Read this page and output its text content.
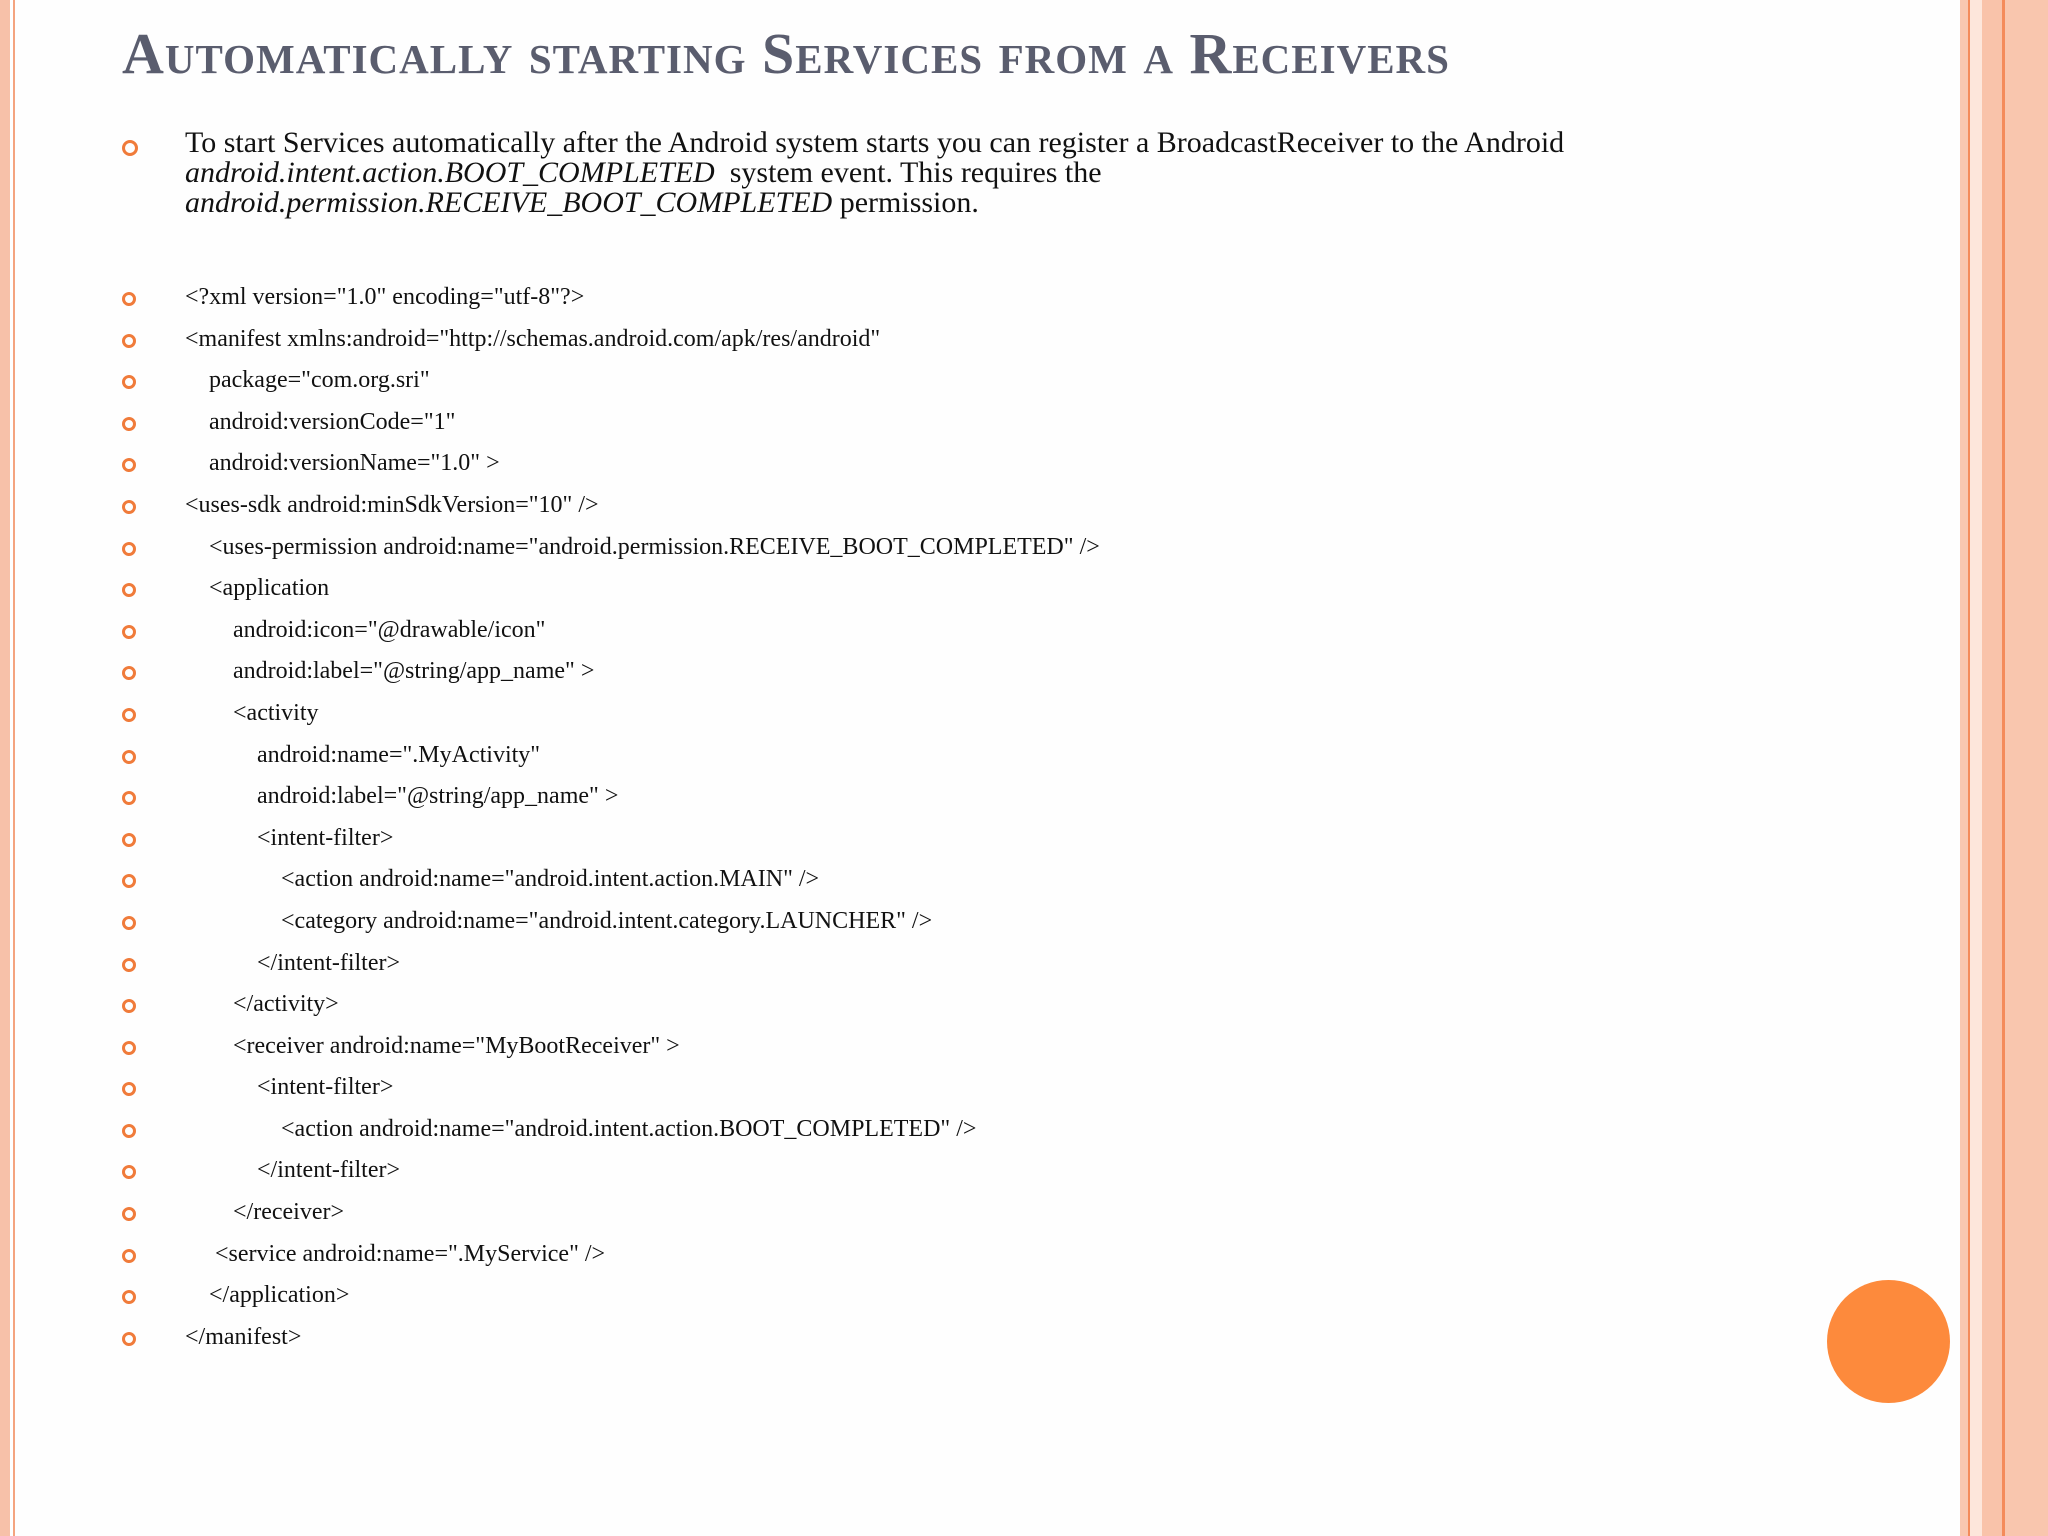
Automatically starting Services from a Receivers

To start Services automatically after the Android system starts you can register a BroadcastReceiver to the Android

android.intent.action.BOOT_COMPLETED  system event. This requires the

android.permission.RECEIVE_BOOT_COMPLETED permission.

<?xml version="1.0" encoding="utf-8"?>
<manifest xmlns:android="http://schemas.android.com/apk/res/android"
package="com.org.sri"
android:versionCode="1"
android:versionName="1.0" >
<uses-sdk android:minSdkVersion="10" />
<uses-permission android:name="android.permission.RECEIVE_BOOT_COMPLETED" />
<application
android:icon="@drawable/icon"
android:label="@string/app_name" >
<activity
android:name=".MyActivity"
android:label="@string/app_name" >
<intent-filter>
<action android:name="android.intent.action.MAIN" />
<category android:name="android.intent.category.LAUNCHER" />
</intent-filter>
</activity>
<receiver android:name="MyBootReceiver" >
<intent-filter>
<action android:name="android.intent.action.BOOT_COMPLETED" />
</intent-filter>
</receiver>
<service android:name=".MyService" />
</application>
</manifest>
